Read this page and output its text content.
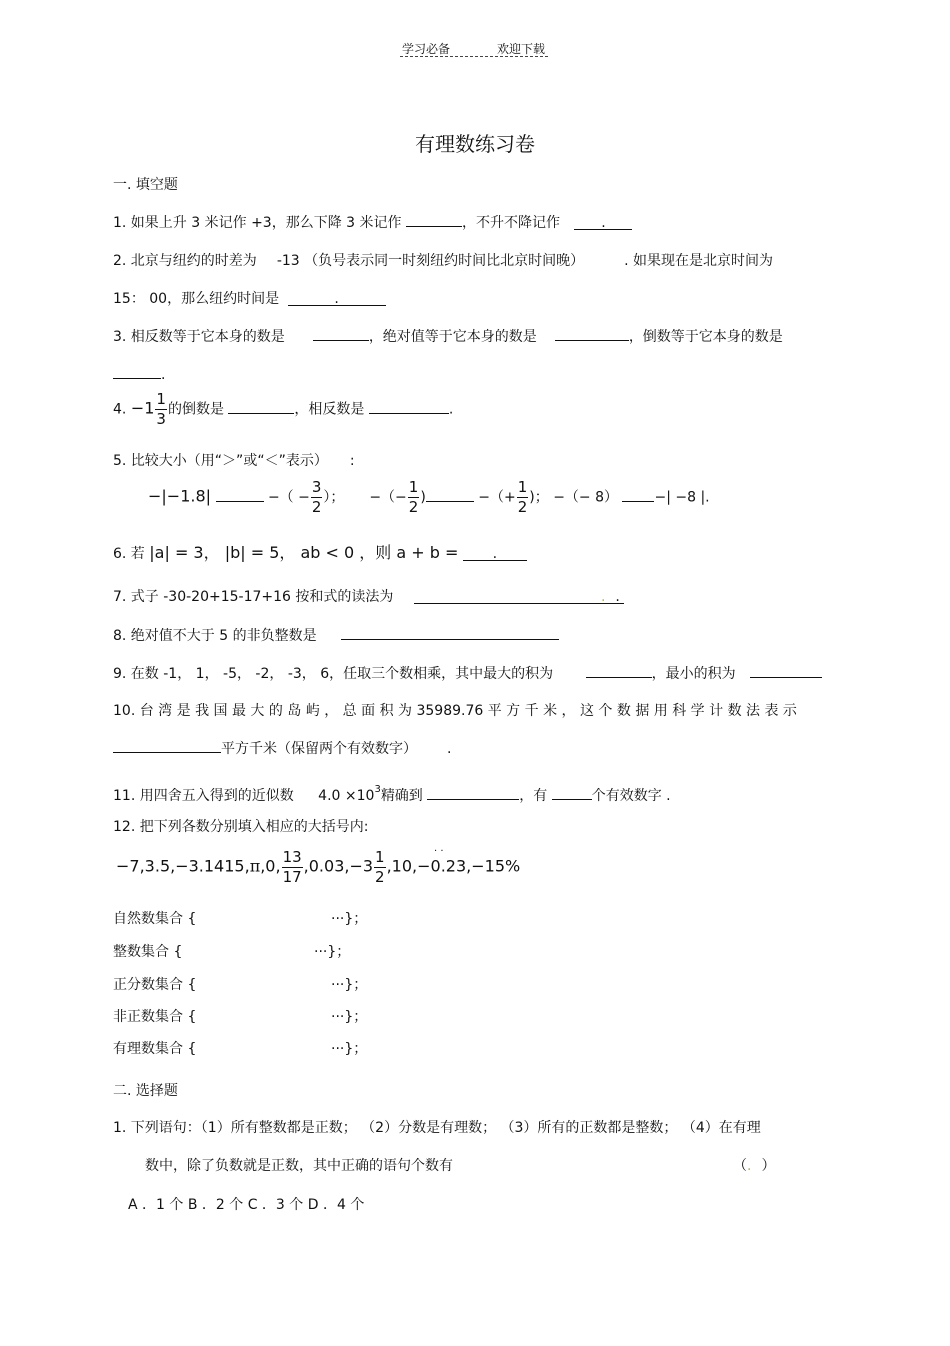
学习必备	欢迎下载
有理数练习卷
一. 填空题
1. 如果上升 3 米记作 +3，那么下降 3 米记作	，不升不降记作	.
2. 北京与纽约的时差为 -13 （负号表示同一时刻纽约时间比北京时间晚）	. 如果现在是北京时间为
15： 00，那么纽约时间是	.
3. 相反数等于它本身的数是	，绝对值等于它本身的数是	，倒数等于它本身的数是
.
4. $-1 \frac{1}{3}$ 的倒数是	，相反数是	.
5. 比较大小（用“＞”或“＜”表示） :
−|−1.8|	−（ − $\frac{3}{2}$ ）； −（− $\frac{1}{2}$ )	−（+ $\frac{1}{2}$ )； −（− 8）	−| −8 |.
6. 若 |a| = 3， |b| = 5， ab < 0 ，则 a + b = .
7. 式子 -30-20+15-17+16 按和式的读法为	. .
8. 绝对值不大于 5 的非负整数是
9. 在数 -1， 1， -5， -2， -3， 6，任取三个数相乘，其中最大的积为	，最小的积为
10. 台 湾 是 我 国 最 大 的 岛 屿 ， 总 面 积 为 35989.76 平 方 千 米 ， 这 个 数 据 用 科 学 计 数 法 表 示
平方千米（保留两个有效数字） .
11. 用四舍五入得到的近似数 $4.0 \times 10^3$精确到	，有	个有效数字 .
12. 把下列各数分别填入相应的大括号内:
−7,3.5,−3.1415,π,0, $\frac{13}{17} ,0.03,-3 \frac{1}{2} ,10,-0.23,-15\%$
· ·
自然数集合 {	···}；
整数集合 {	···}；
正分数集合 {	···}；
非正数集合 {	···}；
有理数集合 {	···}；
二. 选择题
1. 下列语句：（1）所有整数都是正数； （2）分数是有理数； （3）所有的正数都是整数； （4）在有理
数中，除了负数就是正数，其中正确的语句个数有	（. ）
A ．1 个 B ．2 个 C ．3 个 D ．4 个
